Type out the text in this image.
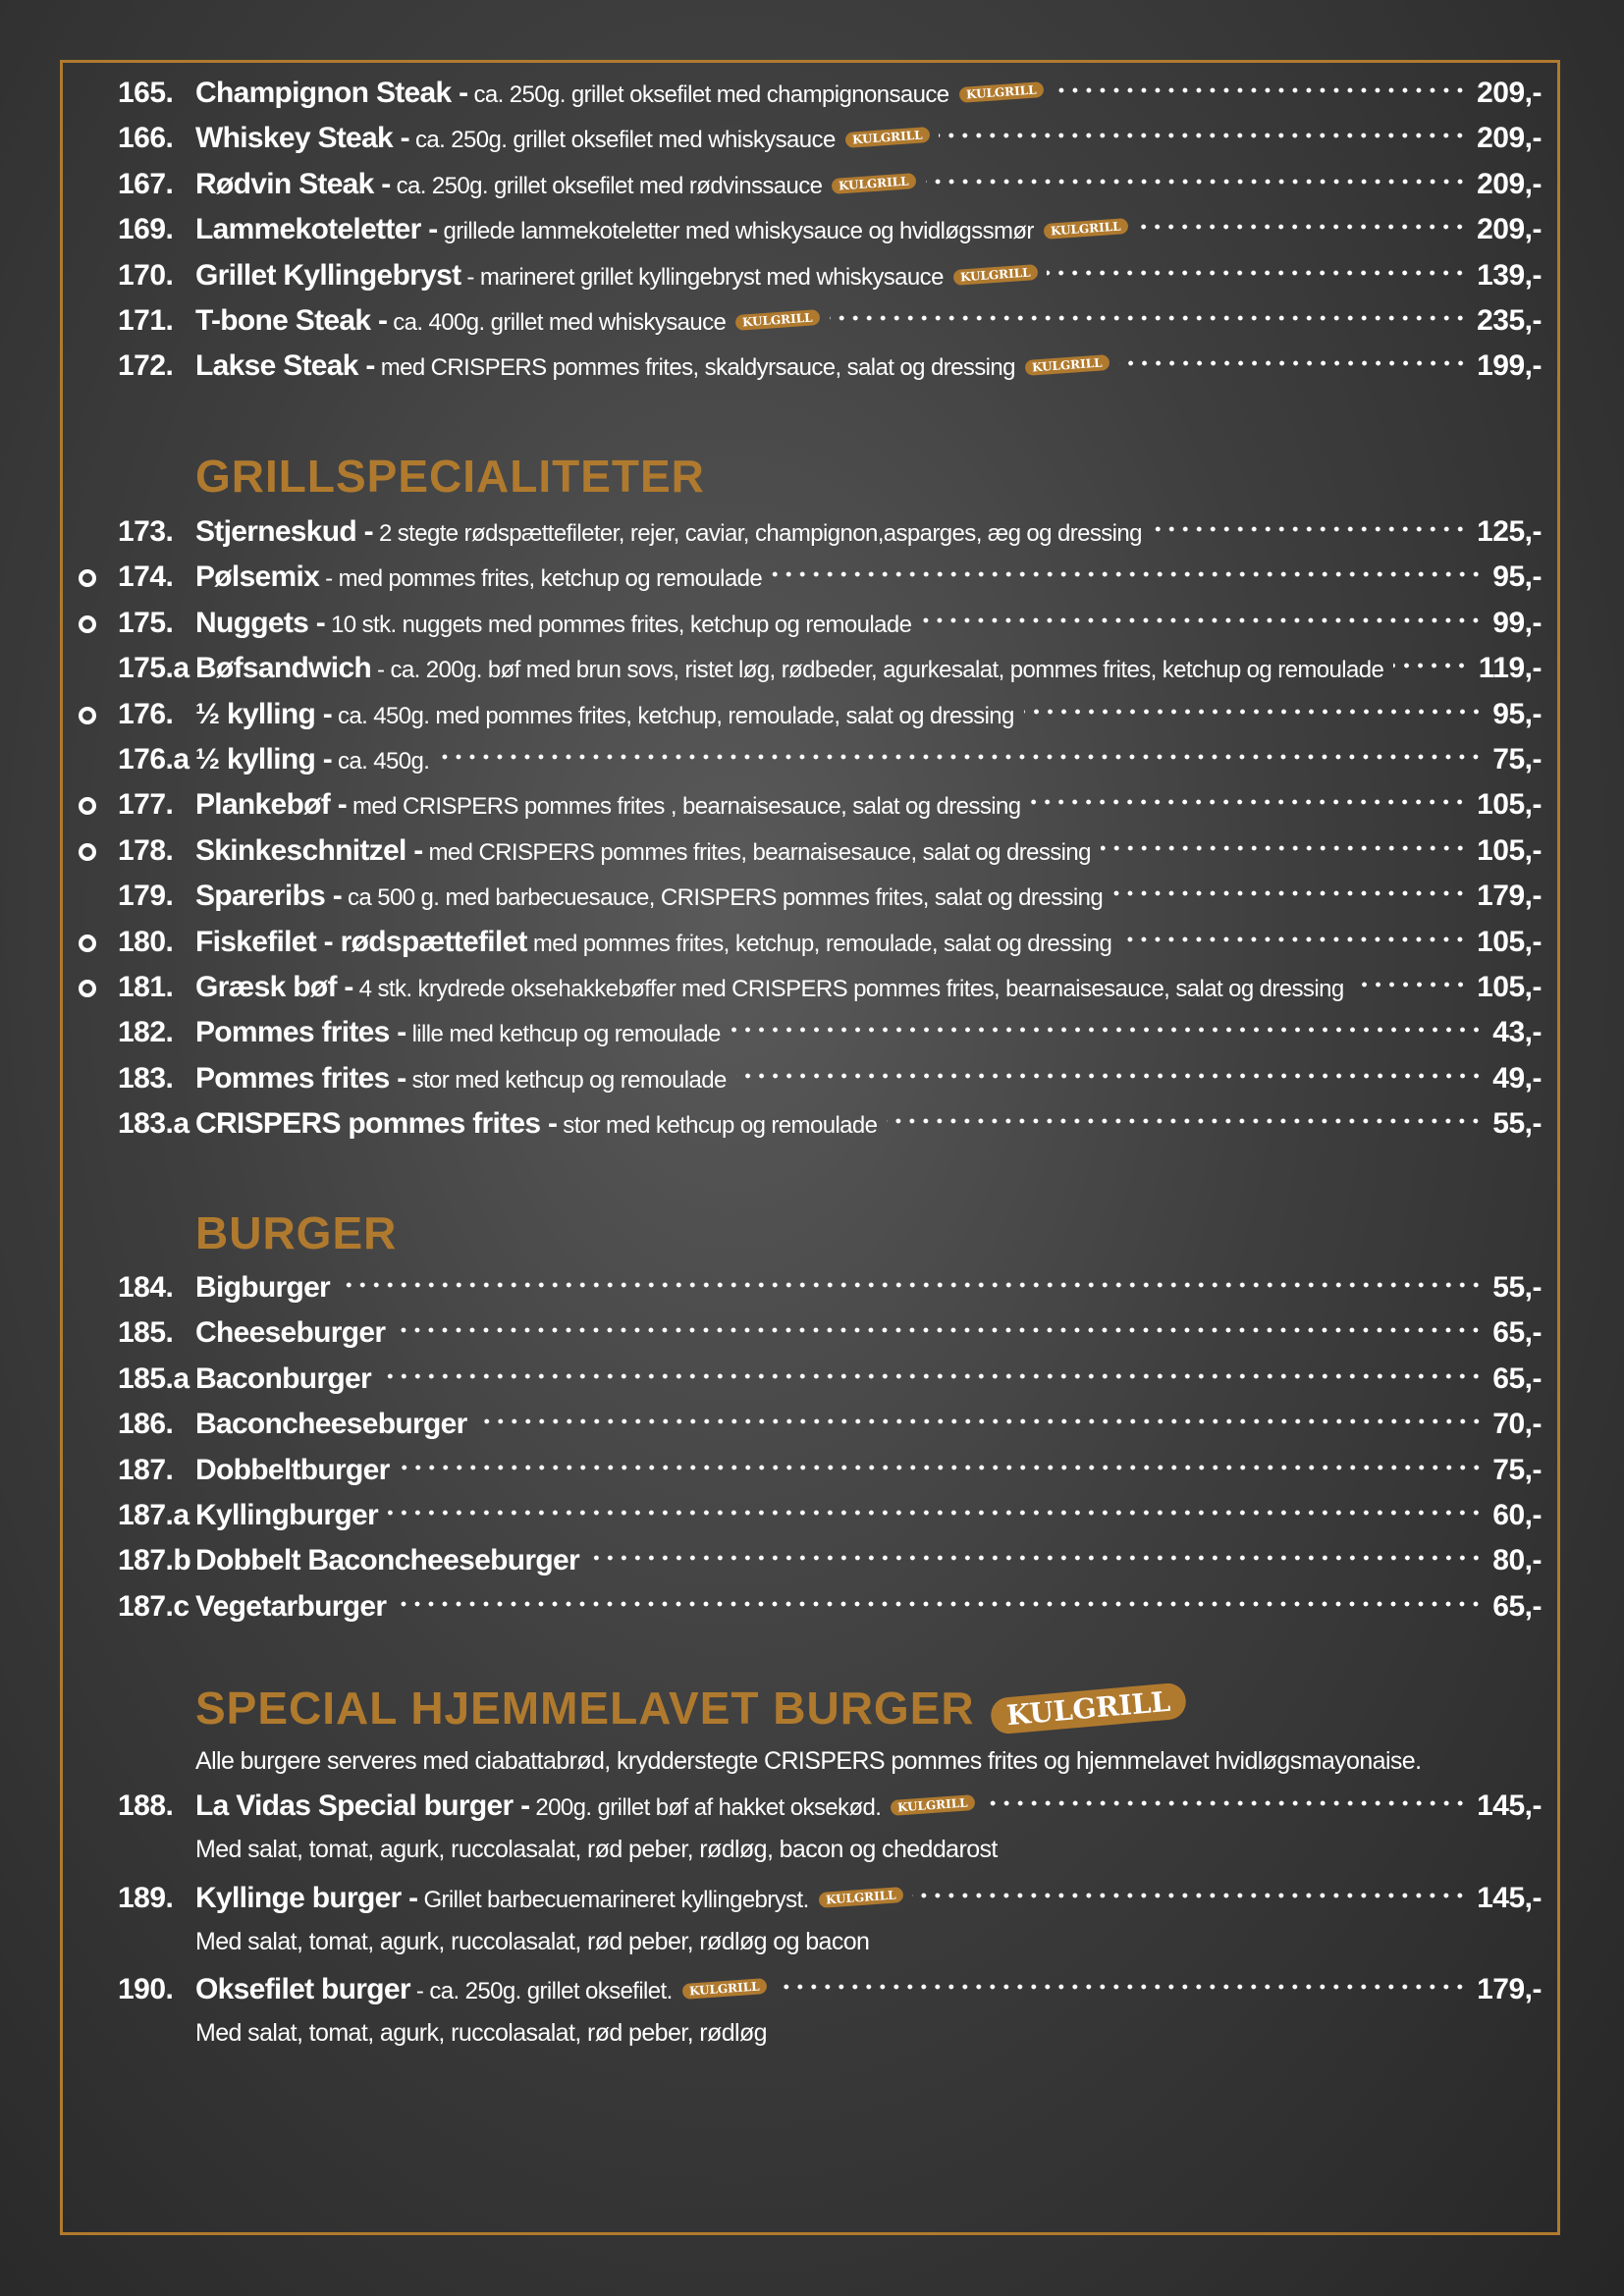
165. Champignon Steak - ca. 250g. grillet oksefilet med champignonsauce	KULGRILL	209,-
166. Whiskey Steak - ca. 250g. grillet oksefilet med whiskysauce	KULGRILL	209,-
167. Rødvin Steak - ca. 250g. grillet oksefilet med rødvinssauce	KULGRILL	209,-
169. Lammekoteletter - grillede lammekoteletter med whiskysauce og hvidløgssmør	KULGRILL	209,-
170. Grillet Kyllingebryst - marineret grillet kyllingebryst med whiskysauce	KULGRILL	139,-
171. T-bone Steak - ca. 400g. grillet med whiskysauce	KULGRILL	235,-
172. Lakse Steak - med CRISPERS pommes frites, skaldyrsauce, salat og dressing	KULGRILL	199,-
GRILLSPECIALITETER
173. Stjerneskud - 2 stegte rødspættefileter, rejer, caviar, champignon,asparges, æg og dressing	125,-
174. Pølsemix - med pommes frites, ketchup og remoulade	95,-
175. Nuggets - 10 stk. nuggets med pommes frites, ketchup og remoulade	99,-
175.a Bøfsandwich - ca. 200g. bøf med brun sovs, ristet løg, rødbeder, agurkesalat, pommes frites, ketchup og remoulade	119,-
176. ½ kylling - ca. 450g. med pommes frites, ketchup, remoulade, salat og dressing	95,-
176.a ½ kylling - ca. 450g.	75,-
177. Plankebøf - med CRISPERS pommes frites , bearnaisesauce, salat og dressing	105,-
178. Skinkeschnitzel - med CRISPERS pommes frites, bearnaisesauce, salat og dressing	105,-
179. Spareribs - ca 500 g. med barbecuesauce, CRISPERS pommes frites, salat og dressing	179,-
180. Fiskefilet - rødspættefilet med pommes frites, ketchup, remoulade, salat og dressing	105,-
181. Græsk bøf - 4 stk. krydrede oksehakkebøffer med CRISPERS pommes frites, bearnaisesauce, salat og dressing	105,-
182. Pommes frites - lille med kethcup og remoulade	43,-
183. Pommes frites - stor med kethcup og remoulade	49,-
183.a CRISPERS pommes frites - stor med kethcup og remoulade	55,-
BURGER
184. Bigburger	55,-
185. Cheeseburger	65,-
185.a Baconburger	65,-
186. Baconcheeseburger	70,-
187. Dobbeltburger	75,-
187.a Kyllingburger	60,-
187.b Dobbelt Baconcheeseburger	80,-
187.c Vegetarburger	65,-
SPECIAL HJEMMELAVET BURGER KULGRILL
Alle burgere serveres med ciabattabrød, krydderstegte CRISPERS pommes frites og hjemmelavet hvidløgsmayonaise.
188. La Vidas Special burger - 200g. grillet bøf af hakket oksekød.	KULGRILL	145,-
Med salat, tomat, agurk, ruccolasalat, rød peber, rødløg, bacon og cheddarost
189. Kyllinge burger - Grillet barbecuemarineret kyllingebryst.	KULGRILL	145,-
Med salat, tomat, agurk, ruccolasalat, rød peber, rødløg og bacon
190. Oksefilet burger - ca. 250g. grillet oksefilet.	KULGRILL	179,-
Med salat, tomat, agurk, ruccolasalat, rød peber, rødløg
